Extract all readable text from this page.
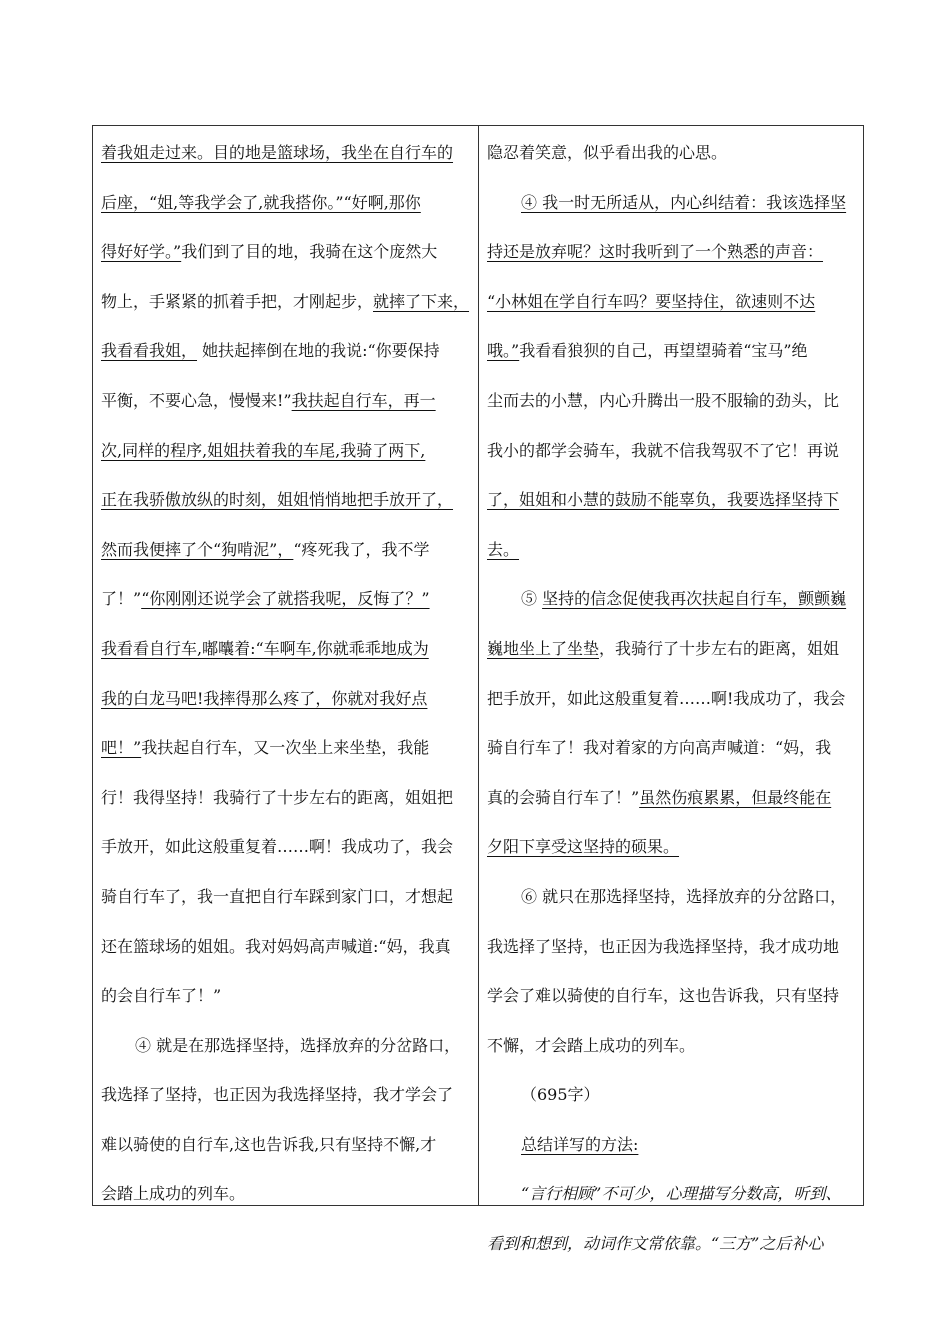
着我姐走过来。目的地是篮球场，我坐在自行车的
后座，“姐,等我学会了,就我搭你。”“好啊,那你
得好好学。”我们到了目的地，我骑在这个庞然大
物上，手紧紧的抓着手把，才刚起步，就摔了下来，
我看看我姐， 她扶起摔倒在地的我说:“你要保持
平衡，不要心急，慢慢来!”我扶起自行车，再一
次,同样的程序,姐姐扶着我的车尾,我骑了两下,
正在我骄傲放纵的时刻，姐姐悄悄地把手放开了，
然而我便摔了个“狗啃泥”，“疼死我了，我不学
了！”“你刚刚还说学会了就搭我呢，反悔了？”
我看看自行车,嘟囔着:“车啊车,你就乖乖地成为
我的白龙马吧!我摔得那么疼了，你就对我好点
吧！”我扶起自行车，又一次坐上来坐垫，我能
行！我得坚持！我骑行了十步左右的距离，姐姐把
手放开，如此这般重复着……啊！我成功了，我会
骑自行车了，我一直把自行车踩到家门口，才想起
还在篮球场的姐姐。我对妈妈高声喊道:“妈，我真
的会自行车了！”
④ 就是在那选择坚持，选择放弃的分岔路口，
我选择了坚持，也正因为我选择坚持，我才学会了
难以骑使的自行车,这也告诉我,只有坚持不懈,才
会踏上成功的列车。
隐忍着笑意，似乎看出我的心思。
④ 我一时无所适从，内心纠结着：我该选择坚
持还是放弃呢？这时我听到了一个熟悉的声音：
“小林姐在学自行车吗？要坚持住，欲速则不达
哦。”我看看狼狈的自己，再望望骑着“宝马”绝
尘而去的小慧，内心升腾出一股不服输的劲头，比
我小的都学会骑车，我就不信我驾驭不了它！再说
了，姐姐和小慧的鼓励不能辜负，我要选择坚持下
去。
⑤ 坚持的信念促使我再次扶起自行车，颤颤巍
巍地坐上了坐垫，我骑行了十步左右的距离，姐姐
把手放开，如此这般重复着……啊!我成功了，我会
骑自行车了！我对着家的方向高声喊道：“妈，我
真的会骑自行车了！”虽然伤痕累累，但最终能在
夕阳下享受这坚持的硕果。
⑥ 就只在那选择坚持，选择放弃的分岔路口，
我选择了坚持，也正因为我选择坚持，我才成功地
学会了难以骑使的自行车，这也告诉我，只有坚持
不懈，才会踏上成功的列车。
（695字）
总结详写的方法:
“言行相顾”不可少，心理描写分数高，听到、
看到和想到，动词作文常依靠。“三方”之后补心
